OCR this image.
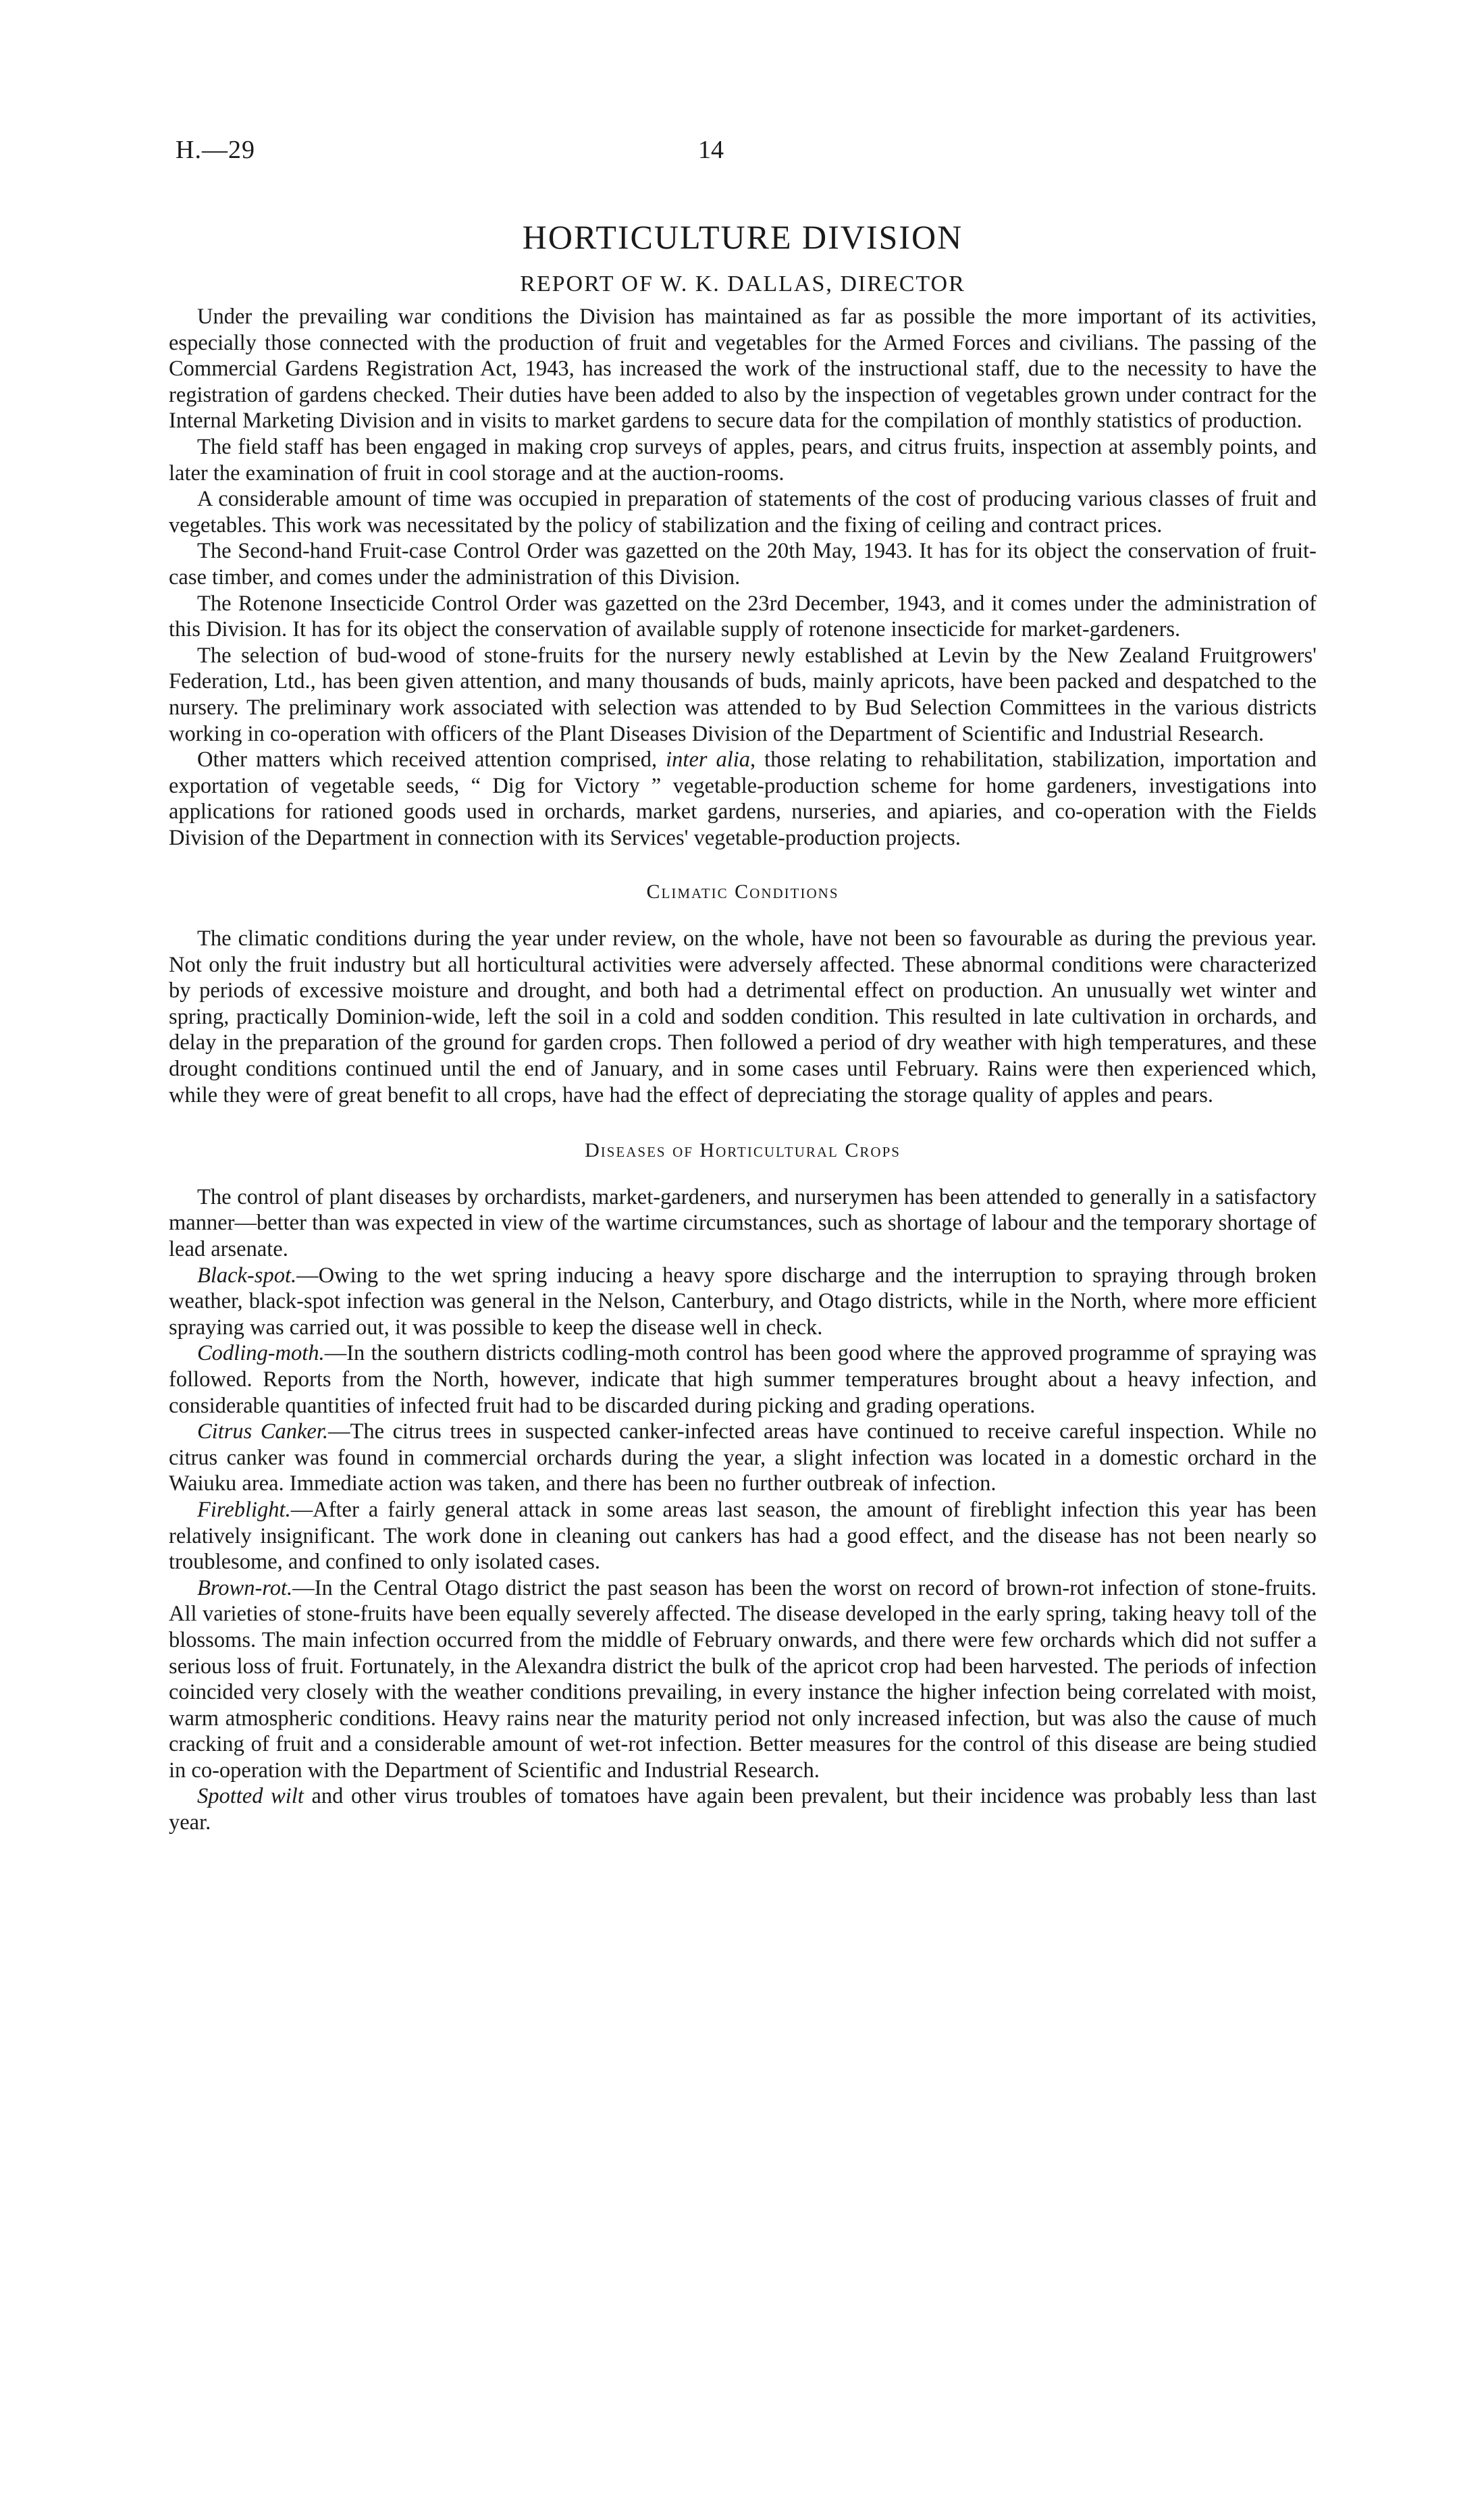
H.—29	14
HORTICULTURE DIVISION
REPORT OF W. K. DALLAS, DIRECTOR

Under the prevailing war conditions the Division has maintained as far as possible the more important of its activities, especially those connected with the production of fruit and vegetables for the Armed Forces and civilians. The passing of the Commercial Gardens Registration Act, 1943, has increased the work of the instructional staff, due to the necessity to have the registration of gardens checked. Their duties have been added to also by the inspection of vegetables grown under contract for the Internal Marketing Division and in visits to market gardens to secure data for the compilation of monthly statistics of production.

The field staff has been engaged in making crop surveys of apples, pears, and citrus fruits, inspection at assembly points, and later the examination of fruit in cool storage and at the auction-rooms.

A considerable amount of time was occupied in preparation of statements of the cost of producing various classes of fruit and vegetables. This work was necessitated by the policy of stabilization and the fixing of ceiling and contract prices.

The Second-hand Fruit-case Control Order was gazetted on the 20th May, 1943. It has for its object the conservation of fruit-case timber, and comes under the administration of this Division.

The Rotenone Insecticide Control Order was gazetted on the 23rd December, 1943, and it comes under the administration of this Division. It has for its object the conservation of available supply of rotenone insecticide for market-gardeners.

The selection of bud-wood of stone-fruits for the nursery newly established at Levin by the New Zealand Fruitgrowers' Federation, Ltd., has been given attention, and many thousands of buds, mainly apricots, have been packed and despatched to the nursery. The preliminary work associated with selection was attended to by Bud Selection Committees in the various districts working in co-operation with officers of the Plant Diseases Division of the Department of Scientific and Industrial Research.

Other matters which received attention comprised, inter alia, those relating to rehabilitation, stabilization, importation and exportation of vegetable seeds, “ Dig for Victory ” vegetable-production scheme for home gardeners, investigations into applications for rationed goods used in orchards, market gardens, nurseries, and apiaries, and co-operation with the Fields Division of the Department in connection with its Services' vegetable-production projects.

Climatic Conditions

The climatic conditions during the year under review, on the whole, have not been so favourable as during the previous year. Not only the fruit industry but all horticultural activities were adversely affected. These abnormal conditions were characterized by periods of excessive moisture and drought, and both had a detrimental effect on production. An unusually wet winter and spring, practically Dominion-wide, left the soil in a cold and sodden condition. This resulted in late cultivation in orchards, and delay in the preparation of the ground for garden crops. Then followed a period of dry weather with high temperatures, and these drought conditions continued until the end of January, and in some cases until February. Rains were then experienced which, while they were of great benefit to all crops, have had the effect of depreciating the storage quality of apples and pears.

Diseases of Horticultural Crops

The control of plant diseases by orchardists, market-gardeners, and nurserymen has been attended to generally in a satisfactory manner—better than was expected in view of the wartime circumstances, such as shortage of labour and the temporary shortage of lead arsenate.

Black-spot.—Owing to the wet spring inducing a heavy spore discharge and the interruption to spraying through broken weather, black-spot infection was general in the Nelson, Canterbury, and Otago districts, while in the North, where more efficient spraying was carried out, it was possible to keep the disease well in check.

Codling-moth.—In the southern districts codling-moth control has been good where the approved programme of spraying was followed. Reports from the North, however, indicate that high summer temperatures brought about a heavy infection, and considerable quantities of infected fruit had to be discarded during picking and grading operations.

Citrus Canker.—The citrus trees in suspected canker-infected areas have continued to receive careful inspection. While no citrus canker was found in commercial orchards during the year, a slight infection was located in a domestic orchard in the Waiuku area. Immediate action was taken, and there has been no further outbreak of infection.

Fireblight.—After a fairly general attack in some areas last season, the amount of fireblight infection this year has been relatively insignificant. The work done in cleaning out cankers has had a good effect, and the disease has not been nearly so troublesome, and confined to only isolated cases.

Brown-rot.—In the Central Otago district the past season has been the worst on record of brown-rot infection of stone-fruits. All varieties of stone-fruits have been equally severely affected. The disease developed in the early spring, taking heavy toll of the blossoms. The main infection occurred from the middle of February onwards, and there were few orchards which did not suffer a serious loss of fruit. Fortunately, in the Alexandra district the bulk of the apricot crop had been harvested. The periods of infection coincided very closely with the weather conditions prevailing, in every instance the higher infection being correlated with moist, warm atmospheric conditions. Heavy rains near the maturity period not only increased infection, but was also the cause of much cracking of fruit and a considerable amount of wet-rot infection. Better measures for the control of this disease are being studied in co-operation with the Department of Scientific and Industrial Research.

Spotted wilt and other virus troubles of tomatoes have again been prevalent, but their incidence was probably less than last year.
